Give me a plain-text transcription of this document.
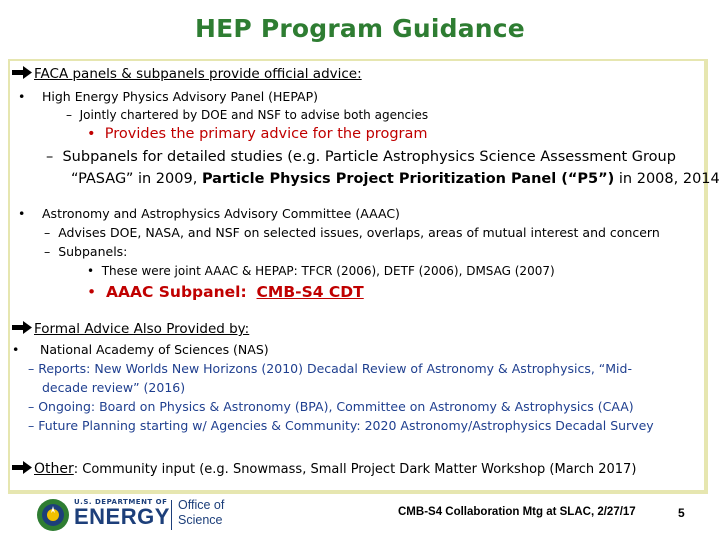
HEP Program Guidance
FACA panels & subpanels provide official advice:
• High Energy Physics Advisory Panel (HEPAP)
–  Jointly chartered by DOE and NSF to advise both agencies
•  Provides the primary advice for the program
–  Subpanels for detailed studies (e.g. Particle Astrophysics Science Assessment Group
“PASAG” in 2009, Particle Physics Project Prioritization Panel (“P5”) in 2008, 2014
• Astronomy and Astrophysics Advisory Committee (AAAC)
–  Advises DOE, NASA, and NSF on selected issues, overlaps, areas of mutual interest and concern
–  Subpanels:
•  These were joint AAAC & HEPAP: TFCR (2006), DETF (2006), DMSAG (2007)
•  AAAC Subpanel: CMB-S4 CDT
Formal Advice Also Provided by:
• National Academy of Sciences (NAS)
– Reports: New Worlds New Horizons (2010) Decadal Review of Astronomy & Astrophysics, “Mid-
decade review” (2016)
– Ongoing: Board on Physics & Astronomy (BPA), Committee on Astronomy & Astrophysics (CAA)
– Future Planning starting w/ Agencies & Community: 2020 Astronomy/Astrophysics Decadal Survey
Other: Community input (e.g. Snowmass, Small Project Dark Matter Workshop (March 2017)
U.S. DEPARTMENT OF
ENERGY Office of
Science
CMB-S4 Collaboration Mtg at SLAC, 2/27/17	5
